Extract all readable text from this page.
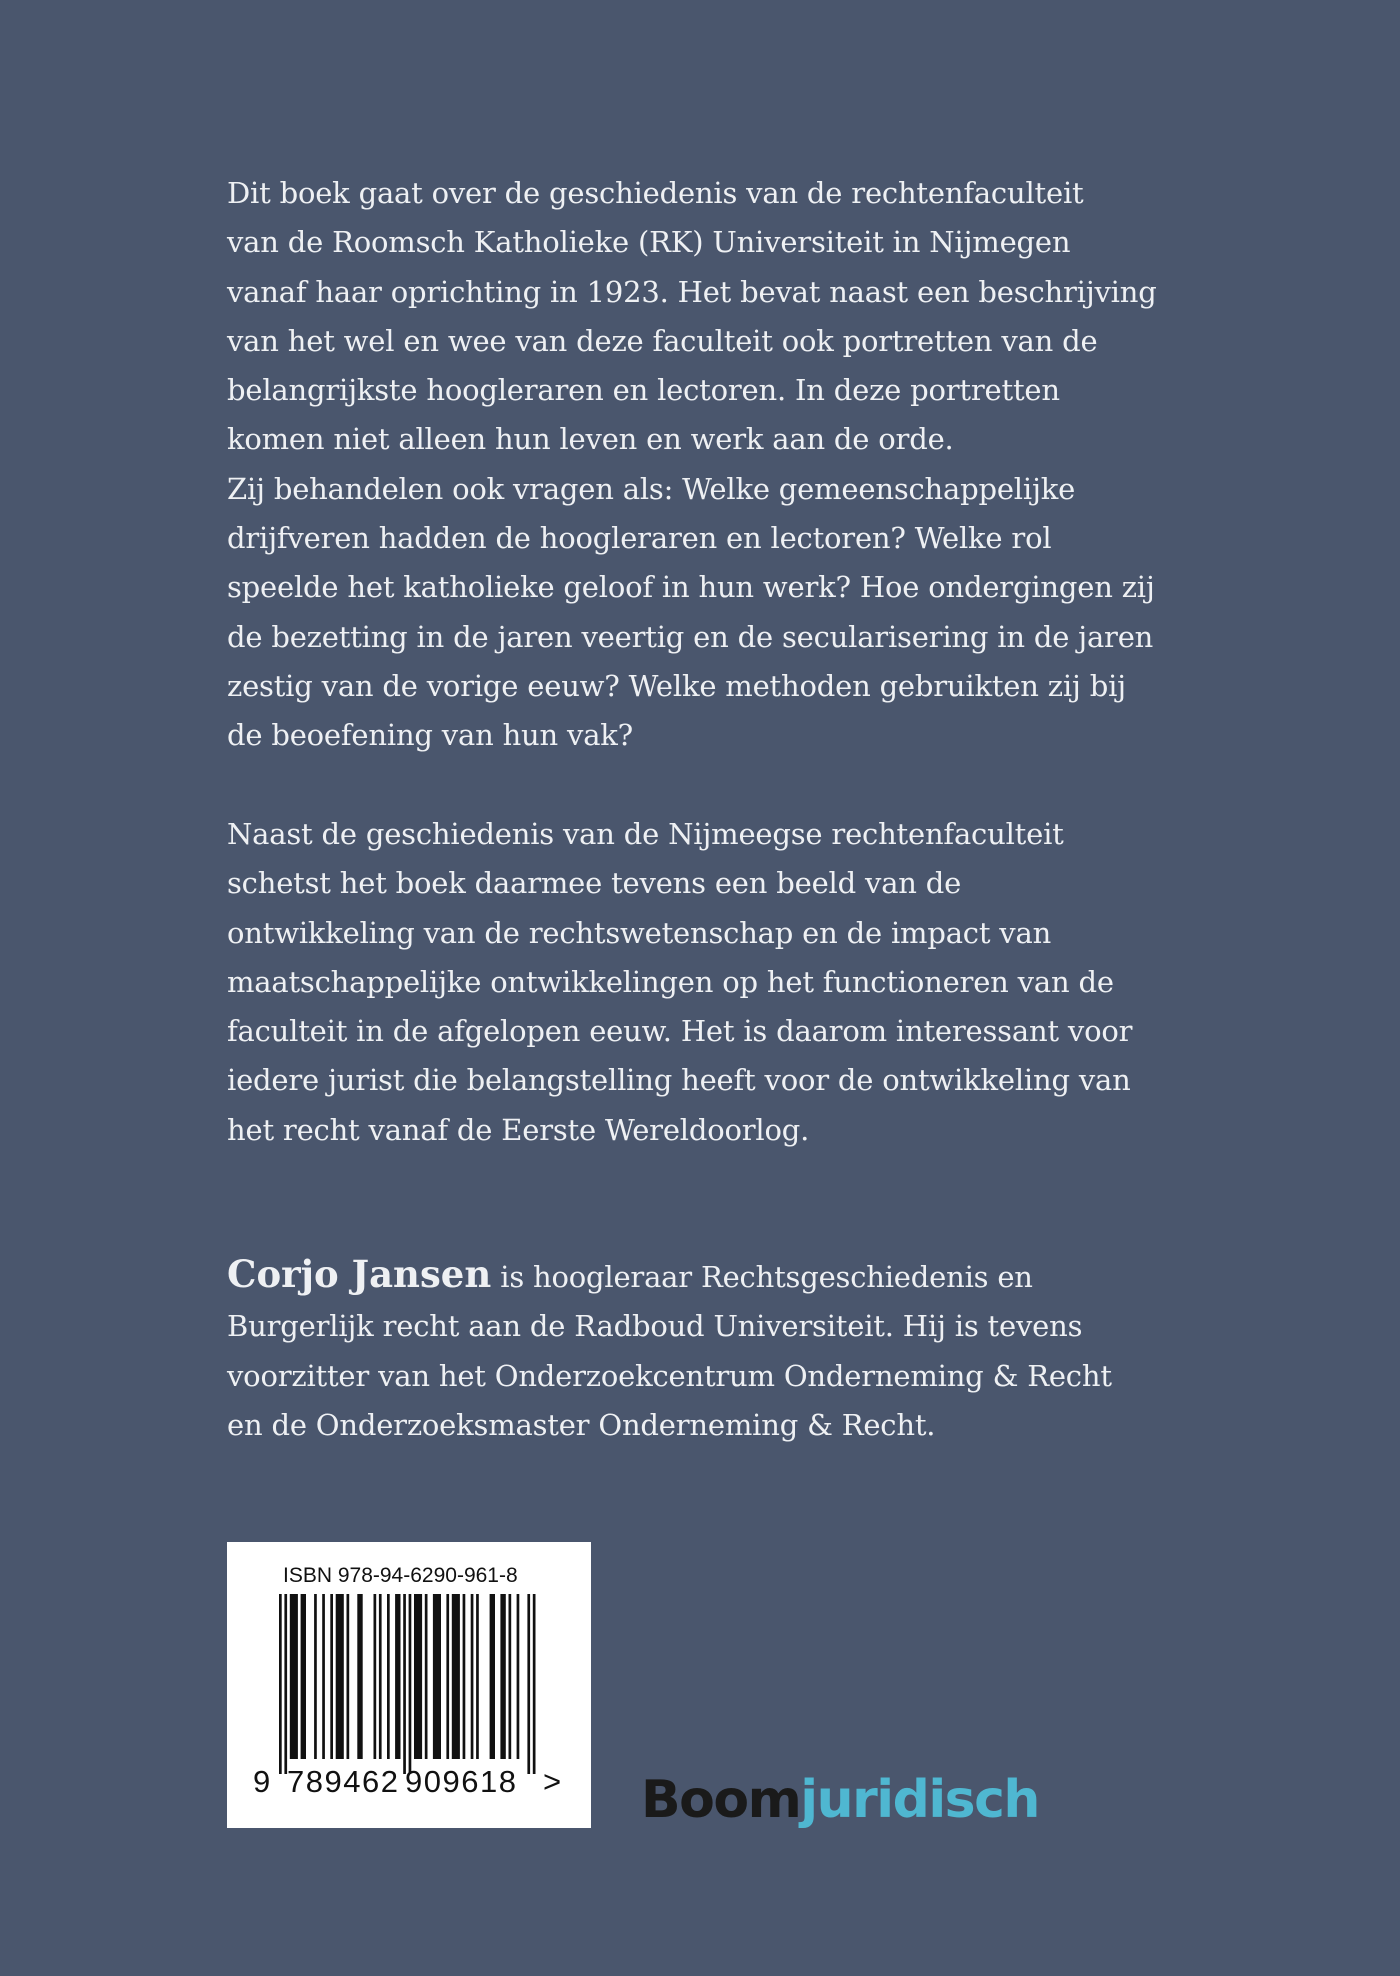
Dit boek gaat over de geschiedenis van de rechtenfaculteit
van de Roomsch Katholieke (RK) Universiteit in Nijmegen
vanaf haar oprichting in 1923. Het bevat naast een beschrijving
van het wel en wee van deze faculteit ook portretten van de
belangrijkste hoogleraren en lectoren. In deze portretten
komen niet alleen hun leven en werk aan de orde.
Zij behandelen ook vragen als: Welke gemeenschappelijke
drijfveren hadden de hoogleraren en lectoren? Welke rol
speelde het katholieke geloof in hun werk? Hoe ondergingen zij
de bezetting in de jaren veertig en de secularisering in de jaren
zestig van de vorige eeuw? Welke methoden gebruikten zij bij
de beoefening van hun vak?
Naast de geschiedenis van de Nijmeegse rechtenfaculteit
schetst het boek daarmee tevens een beeld van de
ontwikkeling van de rechtswetenschap en de impact van
maatschappelijke ontwikkelingen op het functioneren van de
faculteit in de afgelopen eeuw. Het is daarom interessant voor
iedere jurist die belangstelling heeft voor de ontwikkeling van
het recht vanaf de Eerste Wereldoorlog.
Corjo Jansen is hoogleraar Rechtsgeschiedenis en
Burgerlijk recht aan de Radboud Universiteit. Hij is tevens
voorzitter van het Onderzoekcentrum Onderneming & Recht
en de Onderzoeksmaster Onderneming & Recht.
ISBN 978-94-6290-961-8
9 789462 909618 > Boomjuridisch
